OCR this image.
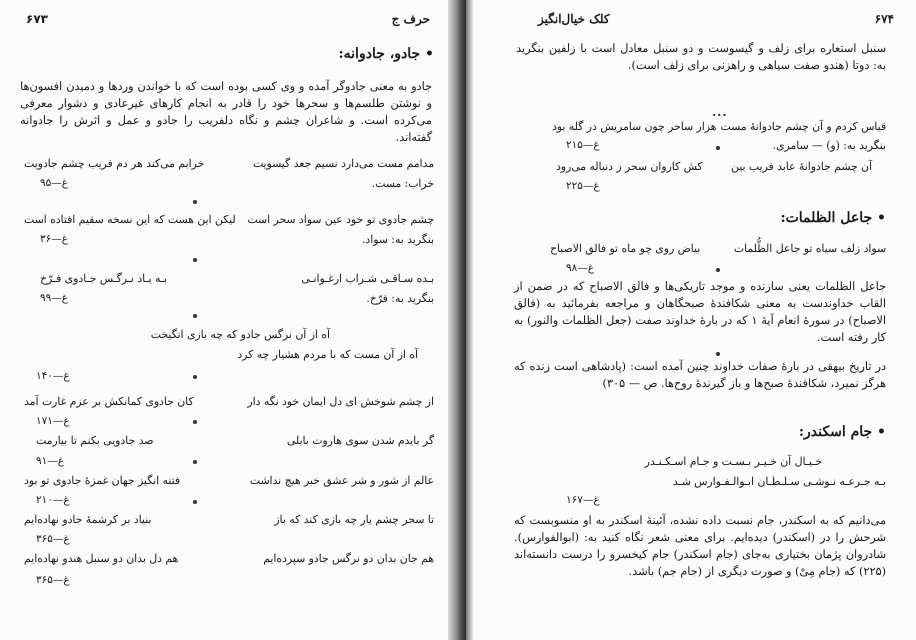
حرف ج
۶۷۳
• جادو، جادوانه:
جادو به معنی جادوگر آمده و وی کسی بوده است که با خواندن وردها و دمیدن افسون‌ها و نوشتن طلسم‌ها و سحرها خود را قادر به انجام کارهای غیرعادی و دشوار معرفی می‌کرده است. و شاعران چشم و نگاه دلفریب را جادو و عمل و اثرش را جادوانه گفته‌اند.
مدامم مست می‌دارد نسیم جعد گیسویت
خرابم می‌کند هر دم فریب چشم جادویت
خراب: مست.
غ—۹۵
چشم جادوی تو خود عین سواد سحر است
لیکن این هست که این نسخه سقیم افتاده است
بنگرید به: سواد.
غ—۳۶
بـده سـاقـی شـراب ارغـوانـی
بـه یـاد نـرگـس جـادوی فـرّخ
بنگرید به: فرّخ.
غ—۹۹
آه از آن نرگس جادو که چه بازی انگیخت
آه از آن مست که با مردم هشیار چه کرد
غ—۱۴۰
از چشم شوخش ای دل ایمان خود نگه دار
کان جادوی کمانکش بر عزم غارت آمد
غ—۱۷۱
گر بایدم شدن سوی هاروت بابلی
صد جادویی بکنم تا بیارمت
غ—۹۱
عالم از شور و شر عشق خبر هیچ نداشت
فتنه انگیز جهان غمزهٔ جادوی تو بود
غ—۲۱۰
تا سحر چشم یار چه بازی کند که باز
بنیاد بر کرشمهٔ جادو نهاده‌ایم
غ—۳۶۵
هم جان بدان دو نرگس جادو سپرده‌ایم
هم دل بدان دو سنبل هندو نهاده‌ایم
غ—۳۶۵
۶۷۴
کلک خیال‌انگیز
سنبل استعاره برای زلف و گیسوست و دو سنبل معادل است با زلفین بنگرید به: دوتا (هندو صفت سیاهی و راهزنی برای زلف است).
...
قیاس کردم و آن چشم جادوانهٔ مست
هزار ساحر چون سامریش در گله بود
بنگرید به: (و) — سامری.
غ—۲۱۵
آن چشم جادوانهٔ عابد فریب بین
کش کاروان سحر ز دنباله می‌رود
غ—۲۲۵
• جاعل الظلمات:
سواد زلف سیاه تو جاعل الظُّلمات
بیاض روی چو ماه تو فالق الاصباح
غ—۹۸
جاعل الظلمات یعنی سازنده و موجد تاریکی‌ها و فالق الاصباح که در ضمن از القاب خداوندست به معنی شکافندهٔ صبحگاهان و مراجعه بفرمائید به (فالق الاصباح) در سورهٔ انعام آیهٔ ۱ که در بارهٔ خداوند صفت (جعل الظلمات والنور) به کار رفته است.
در تاریخ بیهقی در بارهٔ صفات خداوند چنین آمده است: (پادشاهی است زنده که هرگز نمیرد، شکافندهٔ صبح‌ها و باز گیرندهٔ روح‌ها. ص — ۳۰۵)
• جام اسکندر:
خـیـال آن خـیـر بـسـت و جـام اسـکـنـدر
بـه جـرعـه نـوشـی سـلـطـان ابـوالـفـوارس شـد
غ—۱۶۷
می‌دانیم که به اسکندر، جام نسبت داده نشده، آئینهٔ اسکندر به او منسوبست که شرحش را در (اسکندر) دیده‌ایم. برای معنی شعر نگاه کنید به: (ابوالفوارس). شادروان پژمان بختیاری به‌جای (جام اسکندر) جام کیخسرو را درست دانسته‌اند (۲۲۵) که (جام مِیْ) و صورت دیگری از (جام جم) باشد.
